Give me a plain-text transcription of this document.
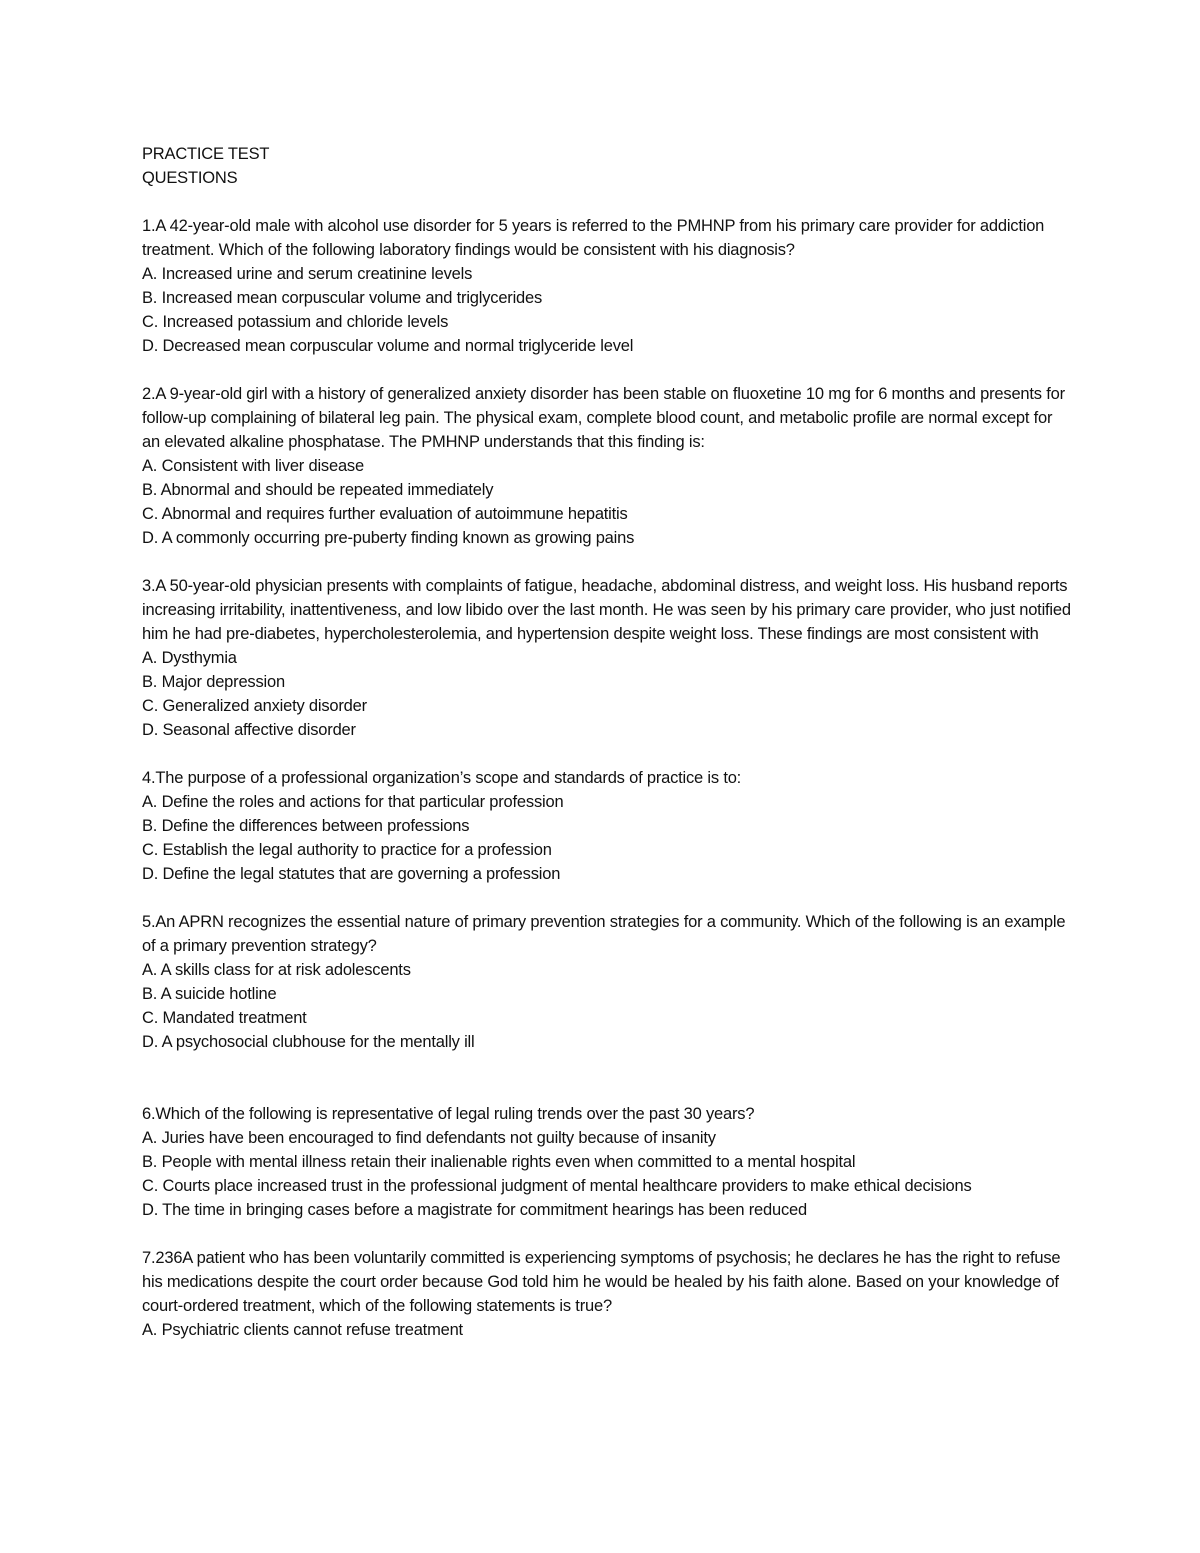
PRACTICE TEST
QUESTIONS
1.A 42-year-old male with alcohol use disorder for 5 years is referred to the PMHNP from his primary care provider for addiction treatment. Which of the following laboratory findings would be consistent with his diagnosis?
A. Increased urine and serum creatinine levels
B. Increased mean corpuscular volume and triglycerides
C. Increased potassium and chloride levels
D. Decreased mean corpuscular volume and normal triglyceride level
2.A 9-year-old girl with a history of generalized anxiety disorder has been stable on fluoxetine 10 mg for 6 months and presents for follow-up complaining of bilateral leg pain. The physical exam, complete blood count, and metabolic profile are normal except for an elevated alkaline phosphatase. The PMHNP understands that this finding is:
A. Consistent with liver disease
B. Abnormal and should be repeated immediately
C. Abnormal and requires further evaluation of autoimmune hepatitis
D. A commonly occurring pre-puberty finding known as growing pains
3.A 50-year-old physician presents with complaints of fatigue, headache, abdominal distress, and weight loss. His husband reports increasing irritability, inattentiveness, and low libido over the last month. He was seen by his primary care provider, who just notified him he had pre-diabetes, hypercholesterolemia, and hypertension despite weight loss. These findings are most consistent with
A. Dysthymia
B. Major depression
C. Generalized anxiety disorder
D. Seasonal affective disorder
4.The purpose of a professional organization’s scope and standards of practice is to:
A. Define the roles and actions for that particular profession
B. Define the differences between professions
C. Establish the legal authority to practice for a profession
D. Define the legal statutes that are governing a profession
5.An APRN recognizes the essential nature of primary prevention strategies for a community. Which of the following is an example of a primary prevention strategy?
A. A skills class for at risk adolescents
B. A suicide hotline
C. Mandated treatment
D. A psychosocial clubhouse for the mentally ill
6.Which of the following is representative of legal ruling trends over the past 30 years?
A. Juries have been encouraged to find defendants not guilty because of insanity
B. People with mental illness retain their inalienable rights even when committed to a mental hospital
C. Courts place increased trust in the professional judgment of mental healthcare providers to make ethical decisions
D. The time in bringing cases before a magistrate for commitment hearings has been reduced
7.236A patient who has been voluntarily committed is experiencing symptoms of psychosis; he declares he has the right to refuse his medications despite the court order because God told him he would be healed by his faith alone. Based on your knowledge of court-ordered treatment, which of the following statements is true?
A. Psychiatric clients cannot refuse treatment
